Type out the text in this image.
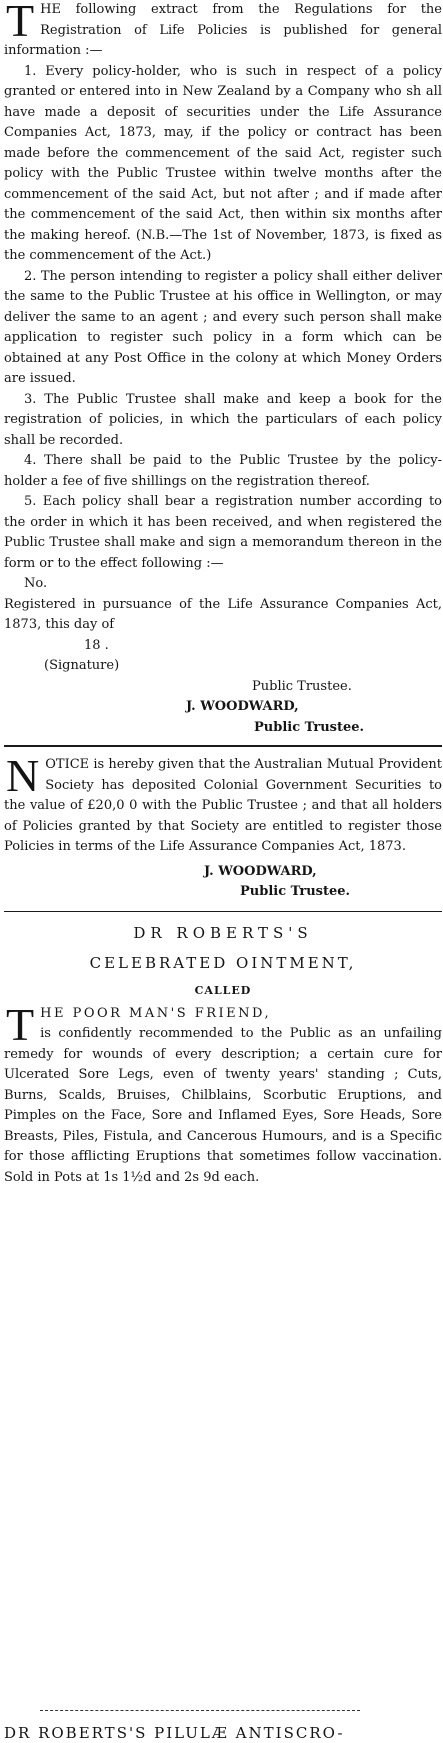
THE following extract from the Regulations for the Registration of Life Policies is published for general information :—

1. Every policy-holder, who is such in respect of a policy granted or entered into in New Zealand by a Company who sh all have made a deposit of securities under the Life Assurance Companies Act, 1873, may, if the policy or contract has been made before the commencement of the said Act, register such policy with the Public Trustee within twelve months after the commencement of the said Act, but not after ; and if made after the commencement of the said Act, then within six months after the making hereof. (N.B.—The 1st of November, 1873, is fixed as the commencement of the Act.)

2. The person intending to register a policy shall either deliver the same to the Public Trustee at his office in Wellington, or may deliver the same to an agent ; and every such person shall make application to register such policy in a form which can be obtained at any Post Office in the colony at which Money Orders are issued.

3. The Public Trustee shall make and keep a book for the registration of policies, in which the particulars of each policy shall be recorded.

4. There shall be paid to the Public Trustee by the policy-holder a fee of five shillings on the registration thereof.

5. Each policy shall bear a registration number according to the order in which it has been received, and when registered the Public Trustee shall make and sign a memorandum thereon in the form or to the effect following :—

No.

Registered in pursuance of the Life Assurance Companies Act, 1873, this day of

18 .

(Signature)

Public Trustee.

J. WOODWARD,

Public Trustee.

NOTICE is hereby given that the Australian Mutual Provident Society has deposited Colonial Government Securities to the value of £20,0 0 with the Public Trustee ; and that all holders of Policies granted by that Society are entitled to register those Policies in terms of the Life Assurance Companies Act, 1873.

J. WOODWARD,

Public Trustee.

DR ROBERTS'S

CELEBRATED OINTMENT,

CALLED

THE POOR MAN'S FRIEND,
is confidently recommended to the Public as an unfailing remedy for wounds of every description; a certain cure for Ulcerated Sore Legs, even of twenty years' standing ; Cuts, Burns, Scalds, Bruises, Chilblains, Scorbutic Eruptions, and Pimples on the Face, Sore and Inflamed Eyes, Sore Heads, Sore Breasts, Piles, Fistula, and Cancerous Humours, and is a Specific for those afflicting Eruptions that sometimes follow vaccination. Sold in Pots at 1s 1½d and 2s 9d each.

DR ROBERTS'S PILULÆ ANTISCRO-
